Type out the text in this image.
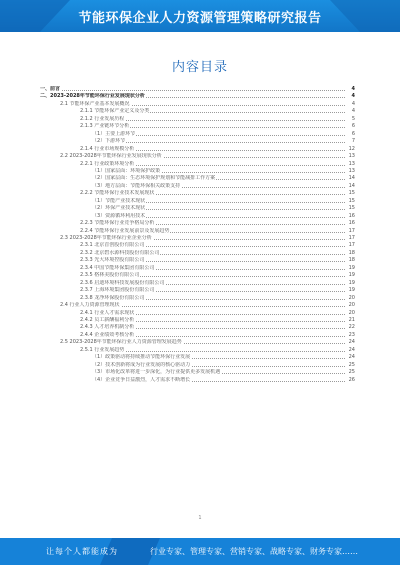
节能环保企业人力资源管理策略研究报告
内容目录
一、前言	4
二、2023-2028年节能环保行业发展现状分析	4
2.1 节能环保产业基本发展概况	4
2.1.1 节能环保产业定义及分类	4
2.1.2 行业发展历程	5
2.1.3 产业链环节分析	6
（1）主要上游环节	6
（2）下游环节	7
2.1.4 行业市场规模分析	12
2.2 2023-2028年节能环保行业发展现状分析	13
2.2.1 行业政策环境分析	13
（1）国家层面：环境保护政策	13
（2）国家层面：生态环境保护规划和节能减排工作方案	14
（3）地方层面：节能环保相关政策支持	14
2.2.2 节能环保行业技术发展现状	15
（1）节能产业技术现状	15
（2）环保产业技术现状	15
（3）资源循环利用技术	16
2.2.3 节能环保行业竞争格局分析	16
2.2.4 节能环保行业发展前景及发展趋势	17
2.3 2023-2028年节能环保行业企业分析	17
2.3.1 北京首创股份有限公司	17
2.3.2 北京碧水源科技股份有限公司	18
2.3.3 光大环境控股有限公司	18
2.3.4 中国节能环保集团有限公司	19
2.3.5 格林美股份有限公司	19
2.3.6 启迪环境科技发展股份有限公司	19
2.3.7 上海环境集团股份有限公司	19
2.3.8 龙净环保股份有限公司	20
2.4 行业人力资源管理现状	20
2.4.1 行业人才需求现状	20
2.4.2 员工薪酬福利分析	21
2.4.3 人才培养机制分析	22
2.4.4 企业绩效考核分析	23
2.5 2023-2028年节能环保行业人力资源管理发展趋势	24
2.5.1 行业发展趋势	24
（1）政策驱动将持续推动节能环保行业发展	24
（2）技术创新将成为行业发展的核心驱动力	25
（3）市场化改革将进一步深化，为行业提供更多发展机遇	25
（4）企业竞争日益激烈，人才需求不断增长	26
1
让每个人都能成为	行业专家、管理专家、营销专家、战略专家、财务专家……
